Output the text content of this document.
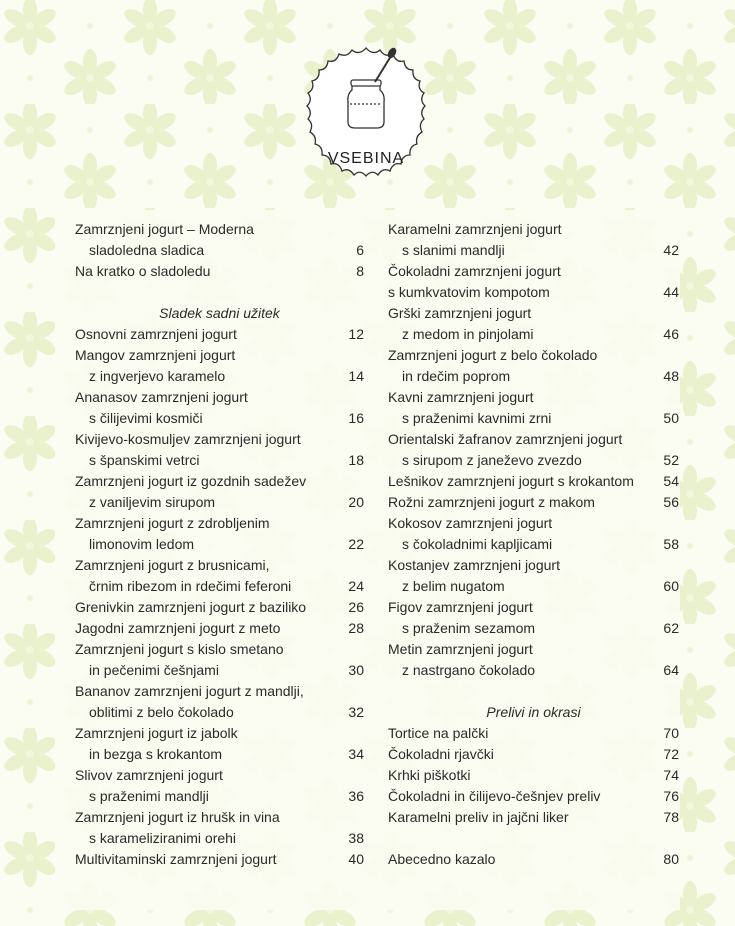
VSEBINA
Zamrznjeni jogurt – Moderna
sladoledna sladica	6
Na kratko o sladoledu	8
Sladek sadni užitek
Osnovni zamrznjeni jogurt	12
Mangov zamrznjeni jogurt
z ingverjevo karamelo	14
Ananasov zamrznjeni jogurt
s čilijevimi kosmiči	16
Kivijevo-kosmuljev zamrznjeni jogurt
s španskimi vetrci	18
Zamrznjeni jogurt iz gozdnih sadežev
z vaniljevim sirupom	20
Zamrznjeni jogurt z zdrobljenim
limonovim ledom	22
Zamrznjeni jogurt z brusnicami,
črnim ribezom in rdečimi feferoni	24
Grenivkin zamrznjeni jogurt z baziliko	26
Jagodni zamrznjeni jogurt z meto	28
Zamrznjeni jogurt s kislo smetano
in pečenimi češnjami	30
Bananov zamrznjeni jogurt z mandlji,
oblitimi z belo čokolado	32
Zamrznjeni jogurt iz jabolk
in bezga s krokantom	34
Slivov zamrznjeni jogurt
s praženimi mandlji	36
Zamrznjeni jogurt iz hrušk in vina
s karameliziranimi orehi	38
Multivitaminski zamrznjeni jogurt	40
Karamelni zamrznjeni jogurt
s slanimi mandlji	42
Čokoladni zamrznjeni jogurt
s kumkvatovim kompotom	44
Grški zamrznjeni jogurt
z medom in pinjolami	46
Zamrznjeni jogurt z belo čokolado
in rdečim poprom	48
Kavni zamrznjeni jogurt
s praženimi kavnimi zrni	50
Orientalski žafranov zamrznjeni jogurt
s sirupom z janeževo zvezdo	52
Lešnikov zamrznjeni jogurt s krokantom	54
Rožni zamrznjeni jogurt z makom	56
Kokosov zamrznjeni jogurt
s čokoladnimi kapljicami	58
Kostanjev zamrznjeni jogurt
z belim nugatom	60
Figov zamrznjeni jogurt
s praženim sezamom	62
Metin zamrznjeni jogurt
z nastrgano čokolado	64
Prelivi in okrasi
Tortice na palčki	70
Čokoladni rjavčki	72
Krhki piškotki	74
Čokoladni in čilijevo-češnjev preliv	76
Karamelni preliv in jajčni liker	78
Abecedno kazalo	80
